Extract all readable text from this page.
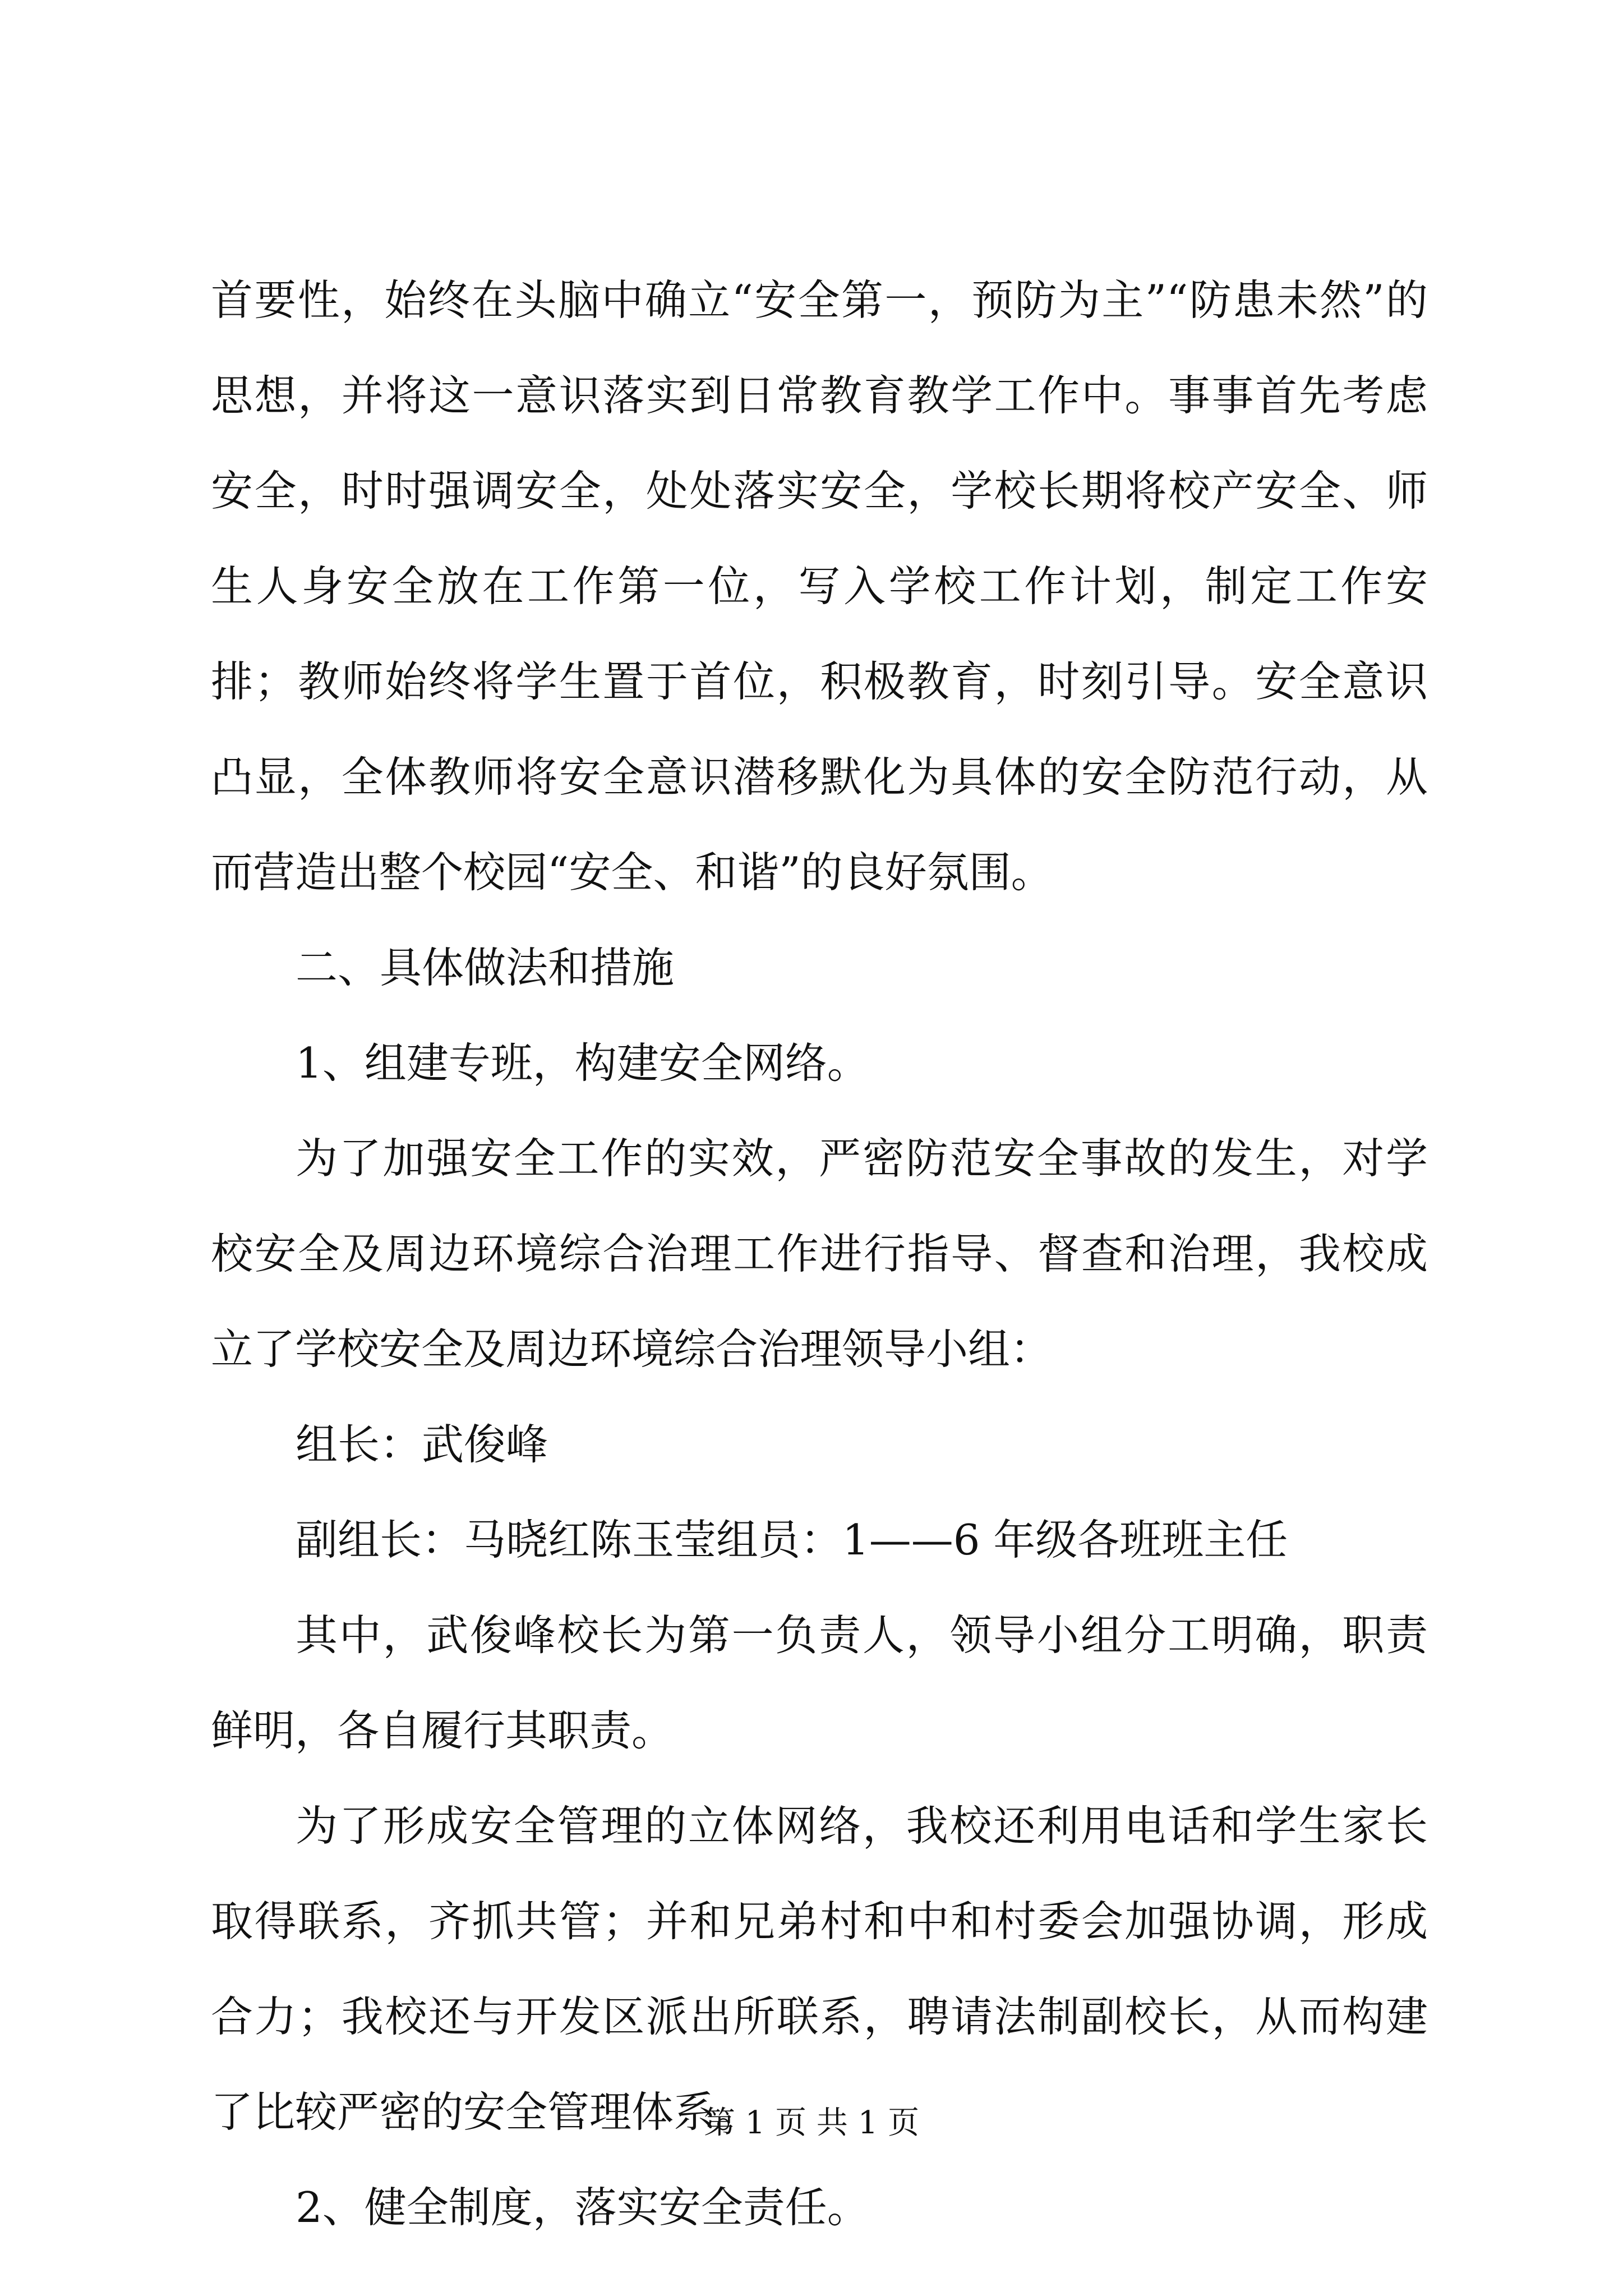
首要性，始终在头脑中确立“安全第一，预防为主”“防患未然”的思想，并将这一意识落实到日常教育教学工作中。事事首先考虑安全，时时强调安全，处处落实安全，学校长期将校产安全、师生人身安全放在工作第一位，写入学校工作计划，制定工作安排；教师始终将学生置于首位，积极教育，时刻引导。安全意识凸显，全体教师将安全意识潜移默化为具体的安全防范行动，从而营造出整个校园“安全、和谐”的良好氛围。

二、具体做法和措施

1、组建专班，构建安全网络。

为了加强安全工作的实效，严密防范安全事故的发生，对学校安全及周边环境综合治理工作进行指导、督查和治理，我校成立了学校安全及周边环境综合治理领导小组：

组长：武俊峰

副组长：马晓红陈玉莹组员：1——6 年级各班班主任

其中，武俊峰校长为第一负责人，领导小组分工明确，职责鲜明，各自履行其职责。

为了形成安全管理的立体网络，我校还利用电话和学生家长取得联系，齐抓共管；并和兄弟村和中和村委会加强协调，形成合力；我校还与开发区派出所联系，聘请法制副校长，从而构建了比较严密的安全管理体系。

2、健全制度，落实安全责任。

第 1 页 共 1 页
